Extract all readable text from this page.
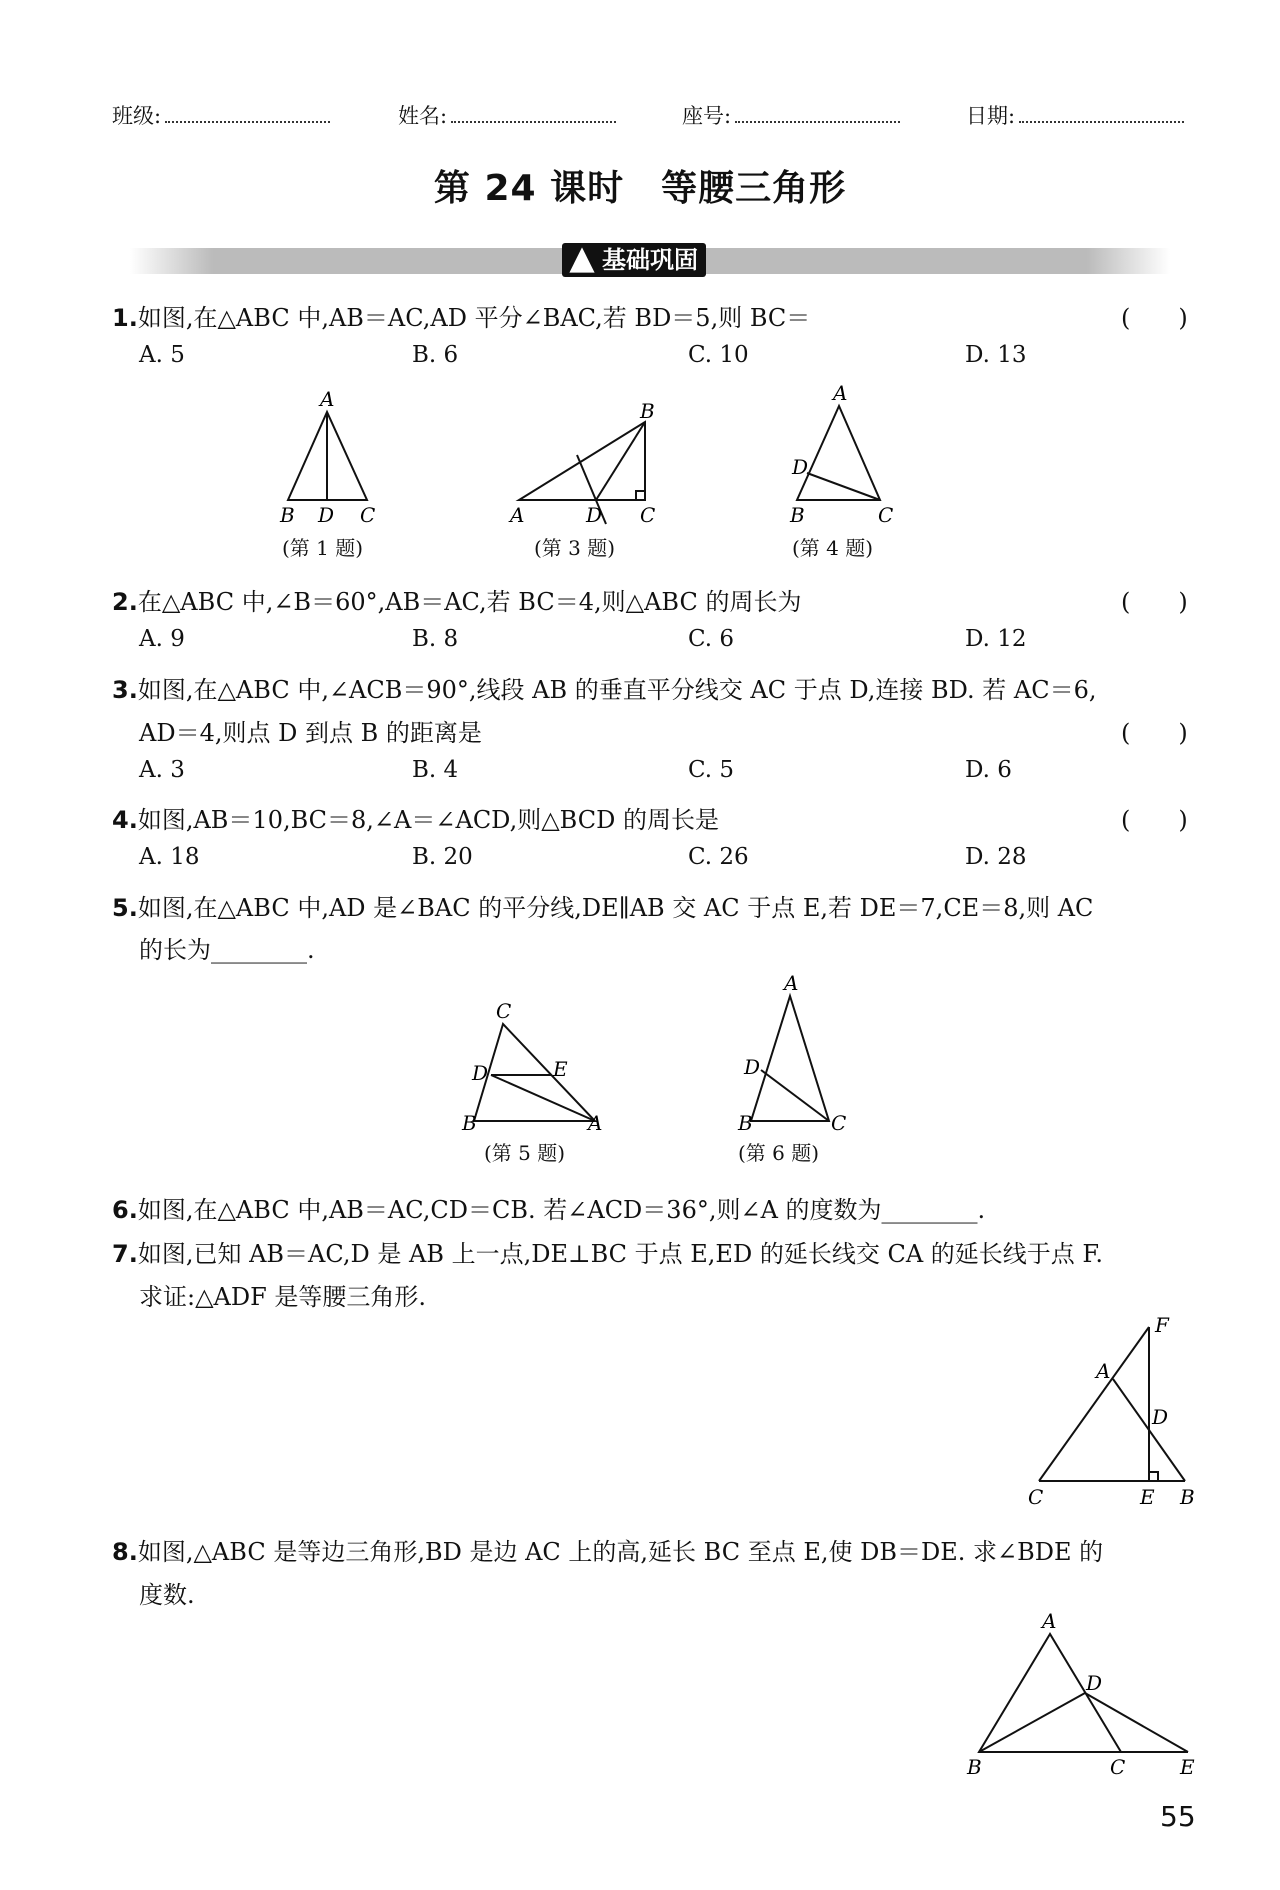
班级:	姓名:	座号:	日期:
第 24 课时　等腰三角形
基础巩固
1.如图,在△ABC 中,AB＝AC,AD 平分∠BAC,若 BD＝5,则 BC＝	(　　)
A. 5	B. 6	C. 10	D. 13
(第 1 题)	(第 3 题)	(第 4 题)
2.在△ABC 中,∠B＝60°,AB＝AC,若 BC＝4,则△ABC 的周长为	(　　)
A. 9	B. 8	C. 6	D. 12
3.如图,在△ABC 中,∠ACB＝90°,线段 AB 的垂直平分线交 AC 于点 D,连接 BD. 若 AC＝6,
AD＝4,则点 D 到点 B 的距离是	(　　)
A. 3	B. 4	C. 5	D. 6
4.如图,AB＝10,BC＝8,∠A＝∠ACD,则△BCD 的周长是	(　　)
A. 18	B. 20	C. 26	D. 28
5.如图,在△ABC 中,AD 是∠BAC 的平分线,DE∥AB 交 AC 于点 E,若 DE＝7,CE＝8,则 AC
的长为________.
(第 5 题)	(第 6 题)
6.如图,在△ABC 中,AB＝AC,CD＝CB. 若∠ACD＝36°,则∠A 的度数为________.
7.如图,已知 AB＝AC,D 是 AB 上一点,DE⊥BC 于点 E,ED 的延长线交 CA 的延长线于点 F.
求证:△ADF 是等腰三角形.
8.如图,△ABC 是等边三角形,BD 是边 AC 上的高,延长 BC 至点 E,使 DB＝DE. 求∠BDE 的
度数.
A
B D C	A	D C
B
A
B	C
D
C
B	A
D	E
A
B	C
D
F
A
D
C	E B
A
D
B	C	E
55
